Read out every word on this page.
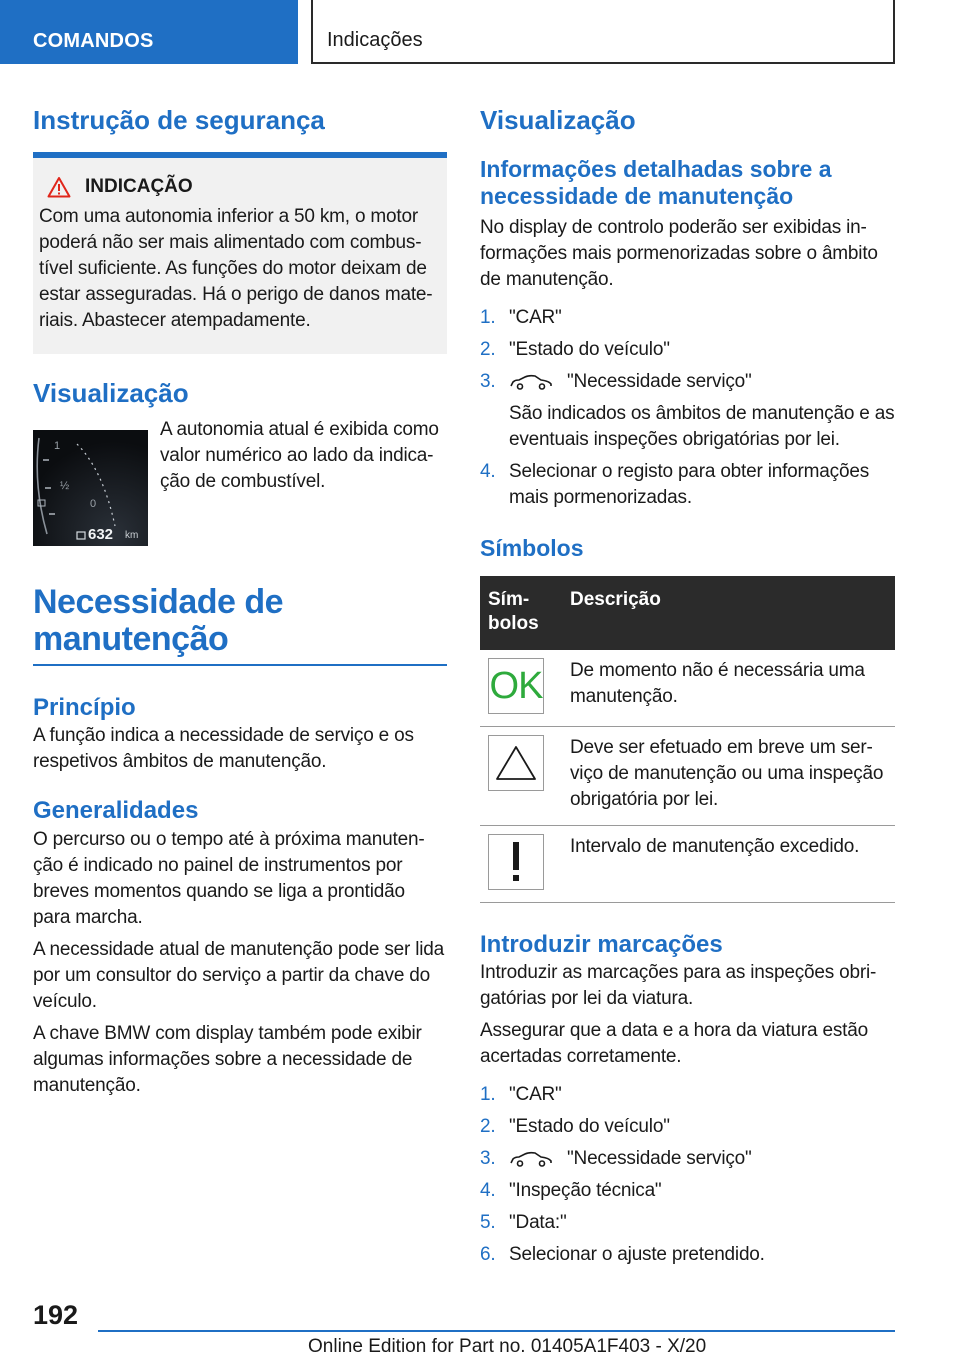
COMANDOS	Indicações
Instrução de segurança
INDICAÇÃO
Com uma autonomia inferior a 50 km, o motor poderá não ser mais alimentado com combustível suficiente. As funções do motor deixam de estar asseguradas. Há o perigo de danos materiais. Abastecer atempadamente.
Visualização
1
½
0
632 km
A autonomia atual é exibida como valor numérico ao lado da indicação de combustível.
Necessidade de manutenção
Princípio
A função indica a necessidade de serviço e os respetivos âmbitos de manutenção.
Generalidades
O percurso ou o tempo até à próxima manutenção é indicado no painel de instrumentos por breves momentos quando se liga a prontidão para marcha.
A necessidade atual de manutenção pode ser lida por um consultor do serviço a partir da chave do veículo.
A chave BMW com display também pode exibir algumas informações sobre a necessidade de manutenção.
Visualização
Informações detalhadas sobre a necessidade de manutenção
No display de controlo poderão ser exibidas informações mais pormenorizadas sobre o âmbito de manutenção.
1. "CAR"
2. "Estado do veículo"
3.	"Necessidade serviço"
São indicados os âmbitos de manutenção e as eventuais inspeções obrigatórias por lei.
4. Selecionar o registo para obter informações mais pormenorizadas.
Símbolos
Símbolos	Descrição

OK	De momento não é necessária uma manutenção.

	Deve ser efetuado em breve um serviço de manutenção ou uma inspeção obrigatória por lei.

	Intervalo de manutenção excedido.
Introduzir marcações
Introduzir as marcações para as inspeções obrigatórias por lei da viatura.
Assegurar que a data e a hora da viatura estão acertadas corretamente.
1. "CAR"
2. "Estado do veículo"
3.	"Necessidade serviço"
4. "Inspeção técnica"
5. "Data:"
6. Selecionar o ajuste pretendido.
192
Online Edition for Part no. 01405A1F403 - X/20
